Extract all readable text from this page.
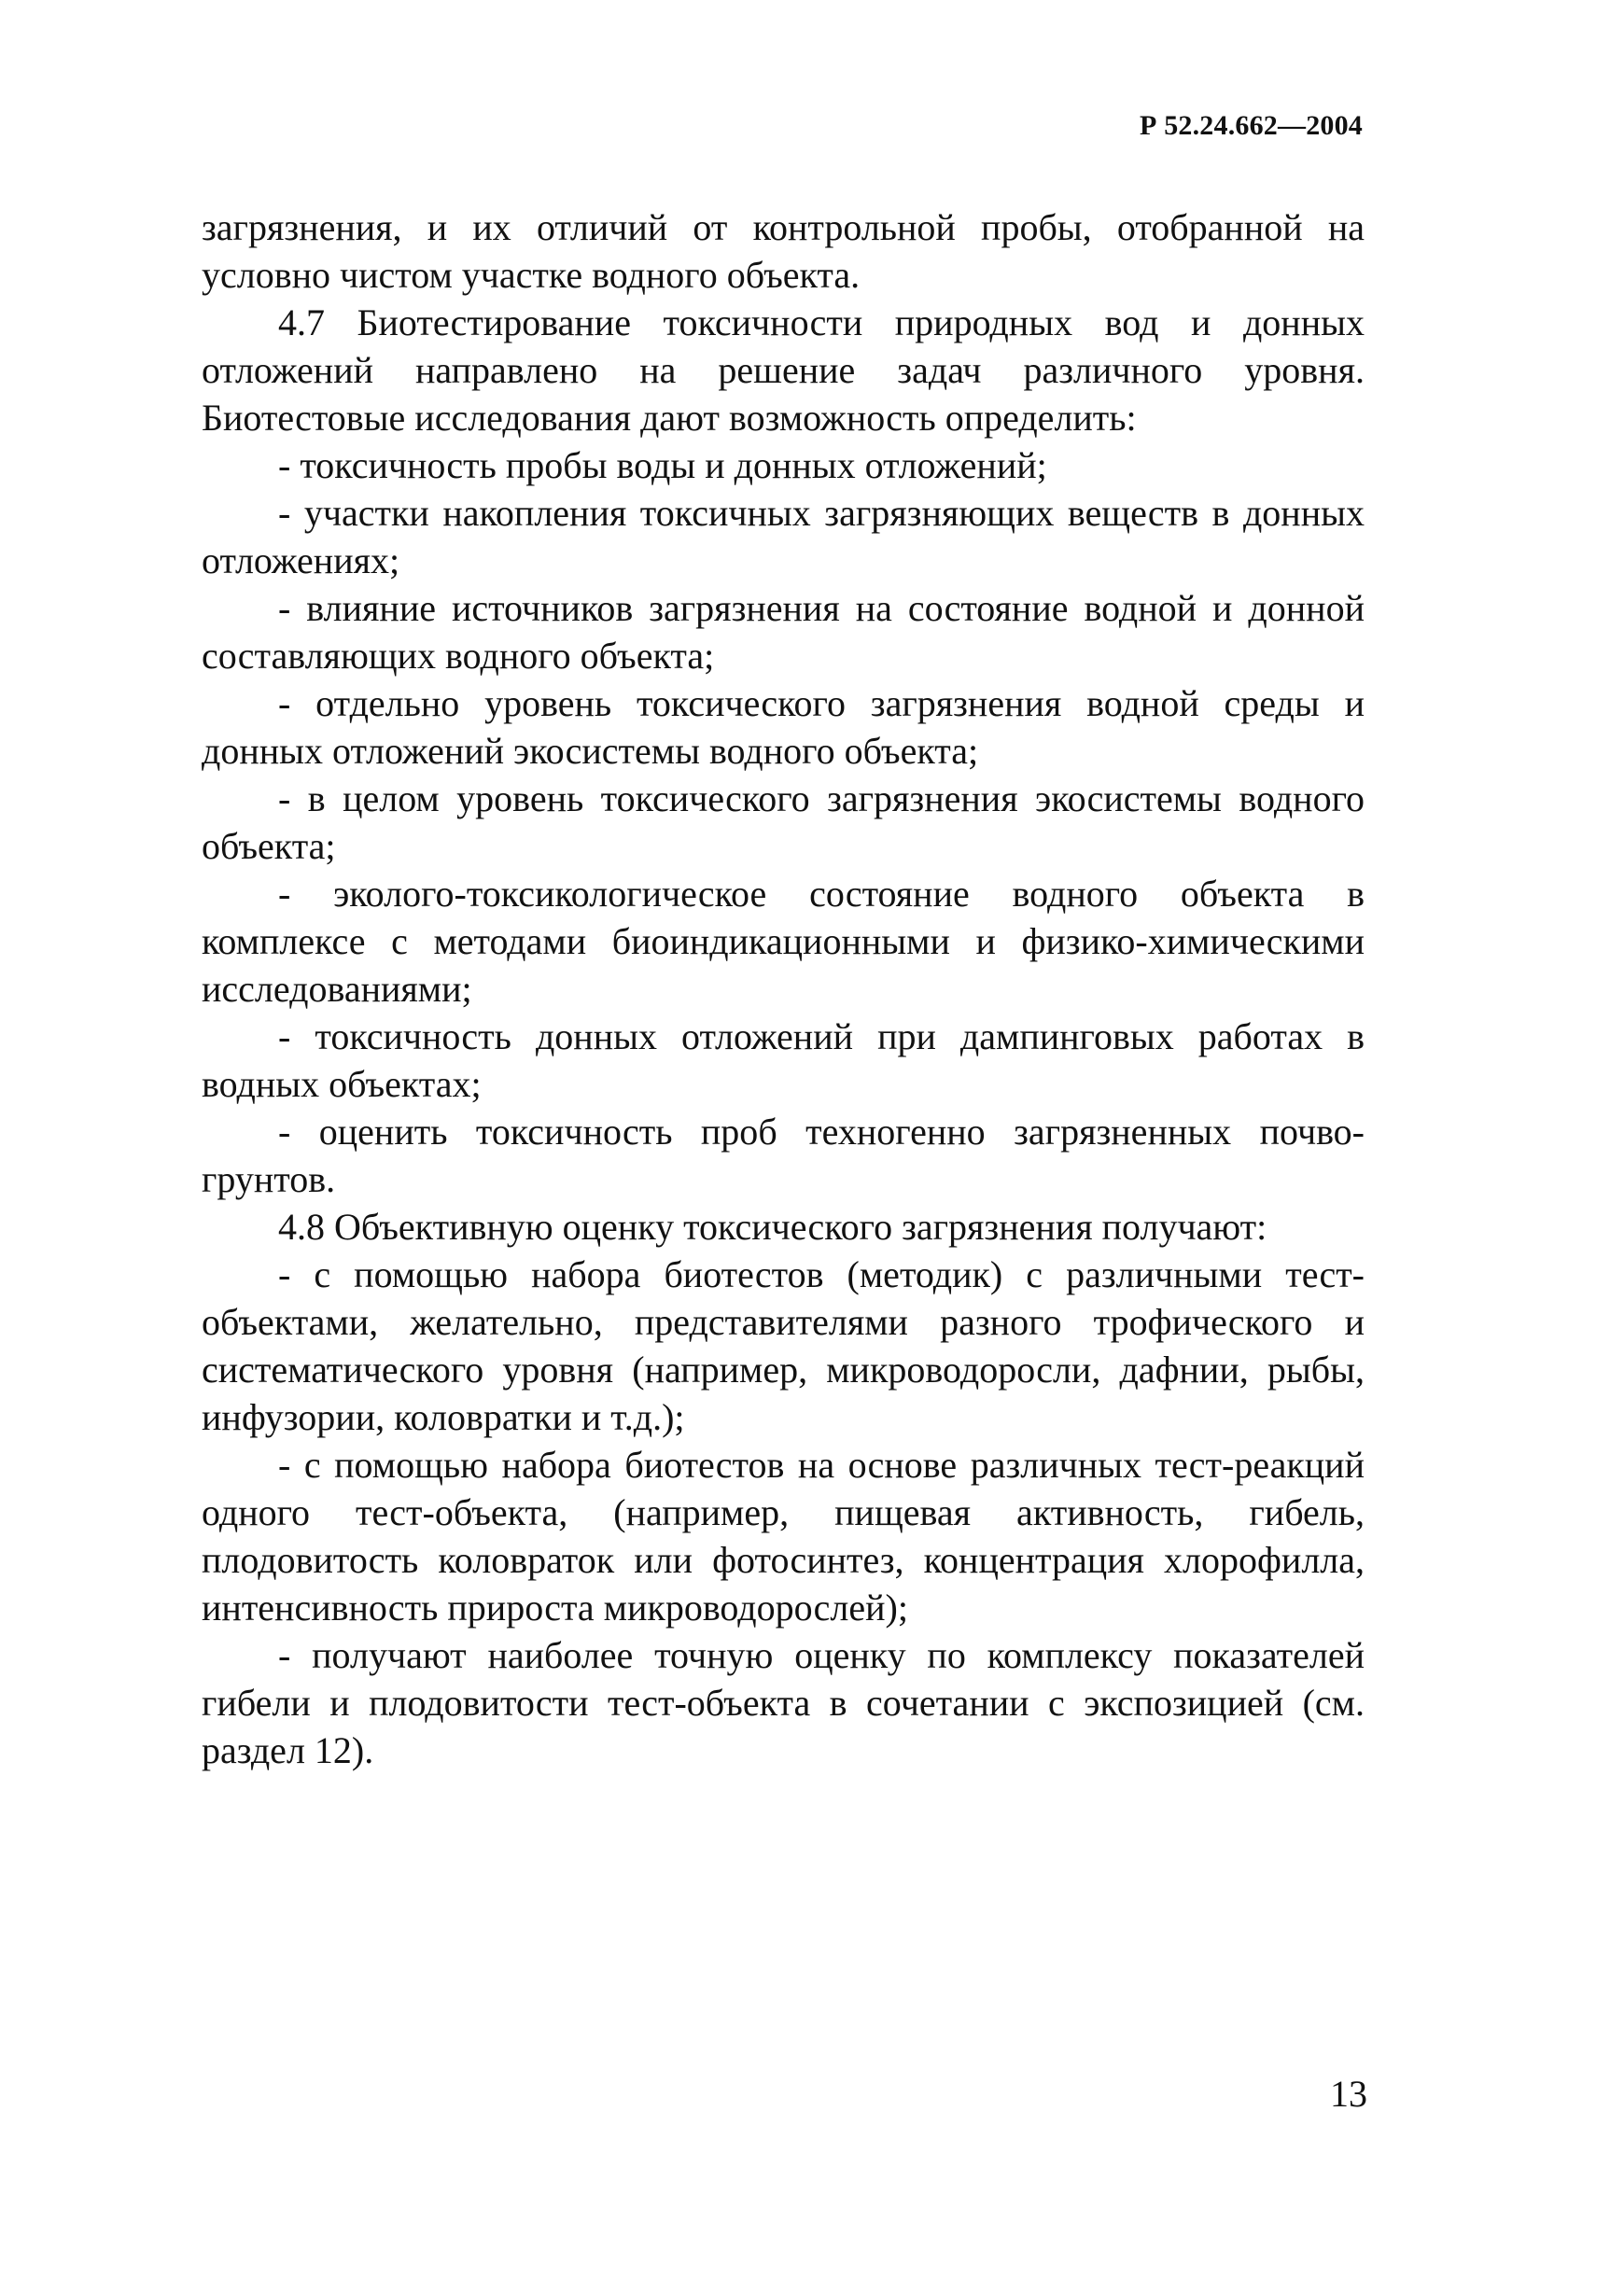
Р 52.24.662—2004

загрязнения, и их отличий от контрольной пробы, отобранной на условно чистом участке водного объекта.

4.7 Биотестирование токсичности природных вод и донных отложений направлено на решение задач различного уровня. Биотестовые исследования дают возможность определить:

- токсичность пробы воды и донных отложений;

- участки накопления токсичных загрязняющих веществ в донных отложениях;

- влияние источников загрязнения на состояние водной и донной составляющих водного объекта;

- отдельно уровень токсического загрязнения водной среды и донных отложений экосистемы водного объекта;

- в целом уровень токсического загрязнения экосистемы водного объекта;

- эколого-токсикологическое состояние водного объекта в комплексе с методами биоиндикационными и физико-химическими исследованиями;

- токсичность донных отложений при дампинговых работах в водных объектах;

- оценить токсичность проб техногенно загрязненных почво-грунтов.

4.8 Объективную оценку токсического загрязнения получают:

- с помощью набора биотестов (методик) с различными тест-объектами, желательно, представителями разного трофического и систематического уровня (например, микроводоросли, дафнии, рыбы, инфузории, коловратки и т.д.);

- с помощью набора биотестов на основе различных тест-реакций одного тест-объекта, (например, пищевая активность, гибель, плодовитость коловраток или фотосинтез, концентрация хлорофилла, интенсивность прироста микроводорослей);

- получают наиболее точную оценку по комплексу показателей гибели и плодовитости тест-объекта в сочетании с экспозицией (см. раздел 12).

13
